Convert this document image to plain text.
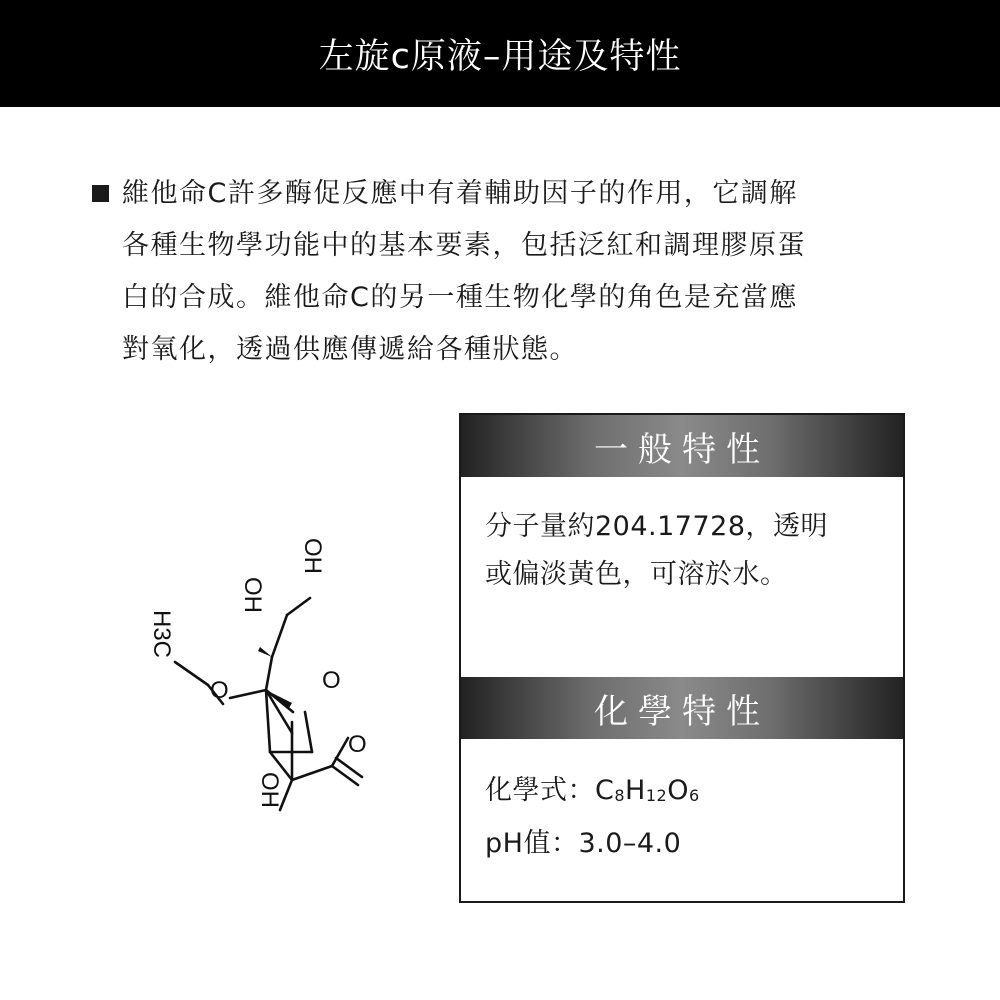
左旋c原液–用途及特性
維他命C許多酶促反應中有着輔助因子的作用，它調解
各種生物學功能中的基本要素，包括泛紅和調理膠原蛋
白的合成。維他命C的另一種生物化學的角色是充當應
對氧化，透過供應傳遞給各種狀態。
OH
OH
O	O
O
OH
H3C
一般特性
分子量約204.17728，透明
或偏淡黃色，可溶於水。
化學特性
化學式：$C_8H_{12}O_6$
pH值：3.0–4.0
